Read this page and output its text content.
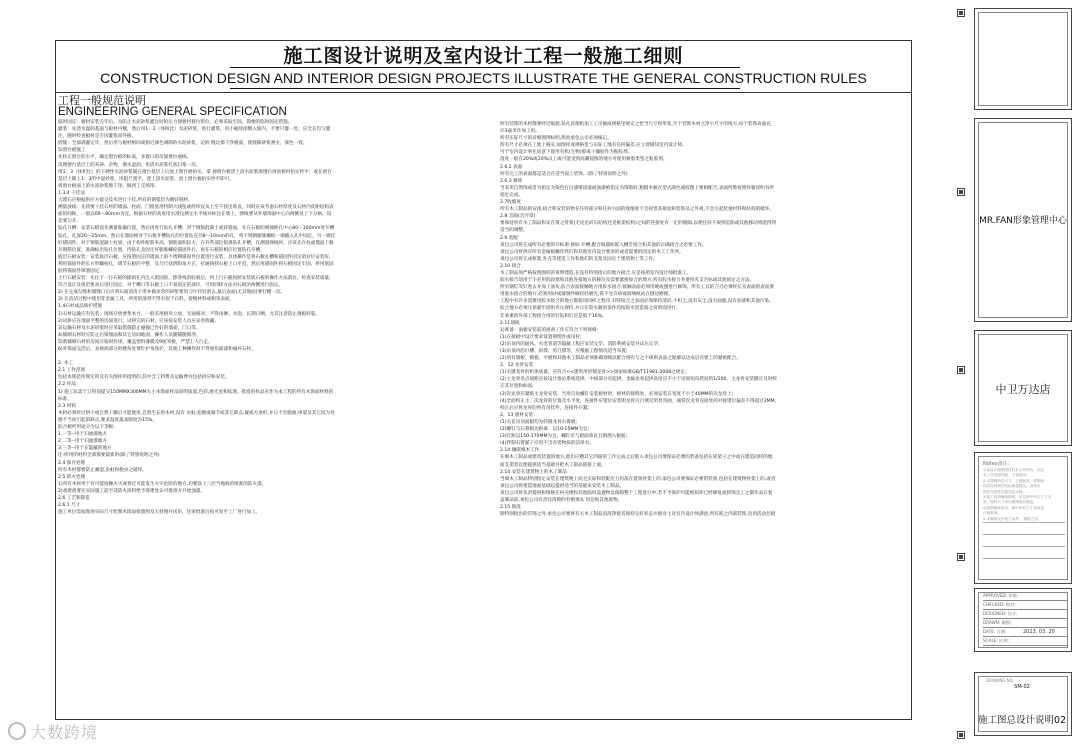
施工图设计说明及室内设计工程一般施工细则
CONSTRUCTION DESIGN AND INTERIOR DESIGN PROJECTS ILLUSTRATE THE GENERAL CONSTRUCTION RULES
工程一般规范说明
ENGINEERING GENERAL SPECIFICATION

临时固定：板材安装完毕后，为防止水泥砂浆灌注时的压力使板材移位错位，必须采取牢固，简便的临时固定措施。

灌浆：先浇水湿润基面与板材内侧，然后用1：2（体积比）水泥砂浆，进行灌浆，用小桶徐徐倒入缝内，不要只灌一处，应全长均匀灌

注，随时检查板材是否因灌浆而外移。

嵌缝：全部满灌完毕，然后用与板材相同或相近颜色调制的水泥砂浆，边嵌 缝边擦干净板面，使缝隙砂浆密实，颜色一致。

5)窗台板施工

先校正窗台的水平，确定窗台板的标高，多窗口的房间要拉通线。

清理窗台基层上的灰砂、杂物，洒水湿润，用清水泥浆打底扫浆一次。

用1：3（体积比）的干硬性水泥砂浆铺在窗台基层上后放上窗台板拍实，拿 掉窗台板浇上清水泥浆渗透后再放板材拍实抄平；或在窗台

基层上铺上1：3的中湿砂浆，用阻尺刮平，浇上清水泥浆，放上窗台板拍实抄平即可。

将窗台板面上的水泥砂浆擦干净，做到工完场净。

1.3.4 干挂法

大理石应根据供应方提交技术进行干挂,所有的钢架均为镀锌钢材。

测量放线：先将要干挂石材的墙面、柱面、门窗套用特制大线坠或经纬仪从上至下找出垂直。同时应该考虑石材厚度及石材内皮距结构表

面的间距，一般以60～80mm为宜。根据石材的高度用水准仪测定水平线并标注在墙上，弹线要从外墙饰面中心向两侧及上下分格。误

差要匀开。

钻孔开槽：安装石板前先测量准确位置，然后再进行钻孔开槽，对于钢筋混凝土或砖墙面，先在石板的两端距孔中心80～100mm处开槽

钻孔，孔深20～25mm，然后在墙面相对于石板开槽钻孔的位置钻直径8～10mm的孔，将不锈钢膨胀螺栓一端插入孔中固定，另一端挂

好锚固件。对于钢筋混凝土柱梁，由于构件配筋率高，钢筋面积较大，在有些部位很难钻孔开槽，在测量弹线时，应该先在柱或墙面上躲

开钢筋位置，准确标出钻孔位置，待钻孔及固定好膨胀螺栓锚固件后，再在石板的相应位置钻孔开槽。

底层石板安装：安装底层石板，应按照固定的墙面上的不锈钢锚固件位置进行安装，具体操作是将石板孔槽和锚固件固定销对位安装好，

利用锚固件的长方形螺栓孔，调节石板的平整，及乃尺找阴阳角方正，拉通线找石板上口平直，然后用锚固件将石板固定牢固，将用嵌固

胶将锚固件填塞固定。

上行石板安装：先往下一行石板的插销孔内注入嵌固胶，擦净残余胶液后，将上行石板按照安装底石板的操作方法就位。检查安装质量，

符合设计及规范要求后进行固定。对于槽口等石板上口不易固定的部位，可用同样方法对石板的两侧进行固定。

2) 在完成勾缝和墙缝口后应将石面清洗干净并做多余的砂浆要用刀片轻轻刮去,最后表面(无其他面)要打蜡一次。

3) 在清洁过程中使用非金属工具，所用的溶剂不得有损于石料，接缝材料或相邻表面。

1.4石材成品保护措施

1)石材运输应有包装，现场存放要垫木方，一般采用板块立放，光面相对，不得雨淋、水泡、长期日晒，尤其注意防止薄板碎裂。

2)试拼应在地面平整的房间进行，试拼完的石材，应该按安装人员应妥善收藏。

3)运输石材及水泥砂浆时应采取措施防止碰撞已作好的墙面，门口等。

4)铺砌石材时应防止污染墙面和其它房间地面，操作人员随铺随擦净。

5)新铺砌石材的房间应临时封闭，覆盖塑料薄膜及9厘米板，严禁上人行走。

6)外饰面完活后，易被损部分的楼角处要钉护角保护，其他工种操作时不得划伤面漆和碰坏石材。

2. 木工

2.1 工作范围

包括本规范所规定的及有关图样所指明的,其中含工料费及运输费并包括供应和安装。

2.2 样品

1) 施工队需于订料前提交150MMX300MM大小木饰面样品说明质量,色彩,磨光度和纹理。批准的样品应作为本工程的所有木饰面材料的

标准。

2.3 材料

木材必须经过烘干或自然干燥后才能使用,自然生长的木材,没有 虫蛀,松散或腐节或其它缺点,疑或方条形,并日不会脱曲,車裂及其它因为处

理不当而引起的缺点,要求湿度最高限度为15%。

胶合板所用途分为以下等级:

1.一等--用于扫油漆地方

2.二等--用于扫油漆地方

3.三等--用于在隐蔽的地方

注:所用的材料全部都要最新的(除了特别说明之外)

2.4 保存处理

所有木材都要防止潮湿,虫蛀和使虫之破坏。

2.5 防火处理

1)所有木材用于有可能接触火灾或将近可能发生火灾危险的地方,均要涂上三层当地政府批准的防火漆。

2)承建商要在实际施工前至适防火涂料给予筹建处认可批准方开始油漆。

2.6 工艺和制造

2.6.1 尺寸

施工单位需按现场实际尺寸绘制木饰面排版图及大样图并送审，送审批准后按可发至工厂进行加工。

所有装饰的木材都要经过锯旋,钻孔其他机加工工序做成规格里规定之恰当尺寸和形状,至于装饰木材之净小尺寸的地方,每个装饰表面充

许3毫米作加工用。

所有实际尺寸的详细图则标明,然而承包公司必须核记。

所有尺寸必须在工地上核实,如图样或规格里与实际工地有任何偏差,应立即通知室内设计师。

可于室内设计事先同意下使用有机(生物)胶或干燥胶作为粘胶剂。

湿度一般在20%或20%以上或可能受到高潮侵蚀的地方可使用树脂类型之粘胶剂。

2.6.2 表面

所有完工的表面都是适合在适当面上装饰。(除了特别说明之外)

2.6.3 修饰

当采用自然饰或者为指定为染色打白漆喷清漆或油漆被指定为饰饰时,粗糙木板在型式颜色或纹理上要相配合,表面所饰按照样板说明书所

指定完成。

2.7收缩度

所有木工制品的安排,接合和安装的物在任何部分和任何方面的收缩度不会损害其接度和装饰品之外观,不会引起松弛材料和结构的破坏。

2.8 音隔(音弄章)

要保持所有木工制品和安在资之骨架(无论是砖石结构还是框架结构)之间的连接处有一定的缝隙,以便任何不规则沉陷或其他移动将能得到

适当的调整。

2.9 装配

承包公司将完成所有必要的开标册 接标 开槽,配合做器标嵌入槽舌接合和其他的正确接合之必要工作。

承包公司将供应所有金属板螺丝铁钉和其他室内设计要求的或者需要的固定的木工工作所。

承包公司将完成框架,外壳等建造工作和他们的支架及固定于建筑物上等工作。

2.10 接合

木工制品须严格按照图样的说明建造,在没有特别指示的地方接合,应是按照室内设计师批准工。

胶水接合适用于不必用阶段墙和其他连接地方的移位及需要紧密接合的地方,所有胶水接合务要用夹支舌标或其他固定之方法。

所有钢钉等钉进去并加上油灰,胶合表面接触地方用胶水接合,接触表面必须用硬或刨进行修饰。所有工具的刀刃必须经长夹表面的表面要

用胶水接合的地方,必须用砂或玻璃纱砸轻轻磨光,铣不允许砂或玻璃纸站在刨边磨擦。

工程中有许多需要用胶水接合的地方都使用同样之程序,有特接合之表面必须保持清洁,不积尘,没有灰尘,没有油脂,没有油迹和其他污染。

胶合地方必须压预紧牢固用夹压保持,并日在胶水凝固条件均按胶水创造商之说明而进行。

非承重的外部工程接合用的钉钻和钉应是低于16%。

2.11划线

1)准备：面板安装前的准备工作应符合下列规格:

(1)在接板中设计要求设置钢埋件或吊杆;

(2)吊顶内的通风、水电管道等隐蔽工程应安装完毕，消防系统安装并试压完毕;

(3)吊顶内的灯槽、斜撑、剪刀撑等，应根据工程情况适当布置;

(2)所有墙板、模板、平板和其他木工制品必须准确划线以配合现有与之不规则表面之轮廓以达成启有建上的紧密配合。

2、12 龙骨安装

(1)关键龙骨的机体质量，应符合<<建筑用轻钢龙骨>>国家标准GB/T11981-2008之规定;

(2)主龙骨吊点间距应按设计推论系统选择，中间部分应起拱，金属龙骨起拱高度应不小于房间短向跨度的1/200，主龙骨安装膜应及时校

正其位置和标高;

(3)次龙骨应紧贴主龙骨安装。当用自攻螺钉安装板材时，板材的接缝处，必须安装在宽度不小于40MM的次龙骨上;

(4)全面校正主、次龙骨的位置及水平度，连接件应错位安装明龙骨应目测无明显弯曲，通常次龙骨连接处的对接错位偏差不得超过2MM。

校正后应将龙骨的所有吊挂件，连接件拧紧;

2、13 板材安装:

(1)关花吊顶面板均为轻钢龙骨石膏板;

(2)螺钉与石膏板边距离：以10-15MM为宜;

(3)钉距以150-170MM为宜，螺钉应与板面垂直且钢埋入板面;

(4)拌制石膏腻子应用不含有害物质的洁净水。

2.14 镶嵌细木工作

在细木工制品或建筑装置的地方,他们应精其它四面的工作完成之后嵌入承包公司要保证必要的装备包括在屋架子之中或在建造同样的地

面支架者以便提供适当基础并把木工制品嵌接上面。

2.14 安装在建筑物上的木工制品

当细木工制品特别指定安装在建筑物上而且实际和装配应力均落在建筑骨架上的,承包公司要保证必要的装备,包括在建筑物骨架上的,或者

承包公司将建造地面基础以提供适当的基础来安装木工制品。

承包公司将负责提供和维修任何壳楼和其他临时盖置物以保障整个工程进行中,若不予保护可能被损坏已经修复或将饰完工之制作品在复

盖制品前,承包公司有责任清除的有刨须头 切边和其他废物。

2.15 擦洗

除特别指出的符饰之外,承包公司要将有关木工制品清洗净使其保持完好状态并使业主及室内设计师满意,所有耗之内部装饰,包括活动层板

MR.FAN形象管理中心
中卫万达店
Notes备注:

1.本设计图纸版权归本公司所有，未经

本公司书面同意，不得复印。

2.本图纸所注尺寸，工程师及、建筑师

均须在现场作实际测量核实，发现出

现任何误差须通知设计师。

3.施工前请确保图纸，应以图中所注尺寸为

准，图样尺寸请向图纸相应测量。

4.图纸修改前务，图中所有尺寸须向设

计师查询。

5.本图纸仅作施工参考。 图纸之用。

APPROVED: 审批:
CHECKED: 校对:
DESIGNED: 设计:
DRAWN: 制图:
DATE: 日期:	2023. 03. 20
SCALE: 比例:
DRAWING NO.
SM-02
施工图总设计说明02
大数跨境
